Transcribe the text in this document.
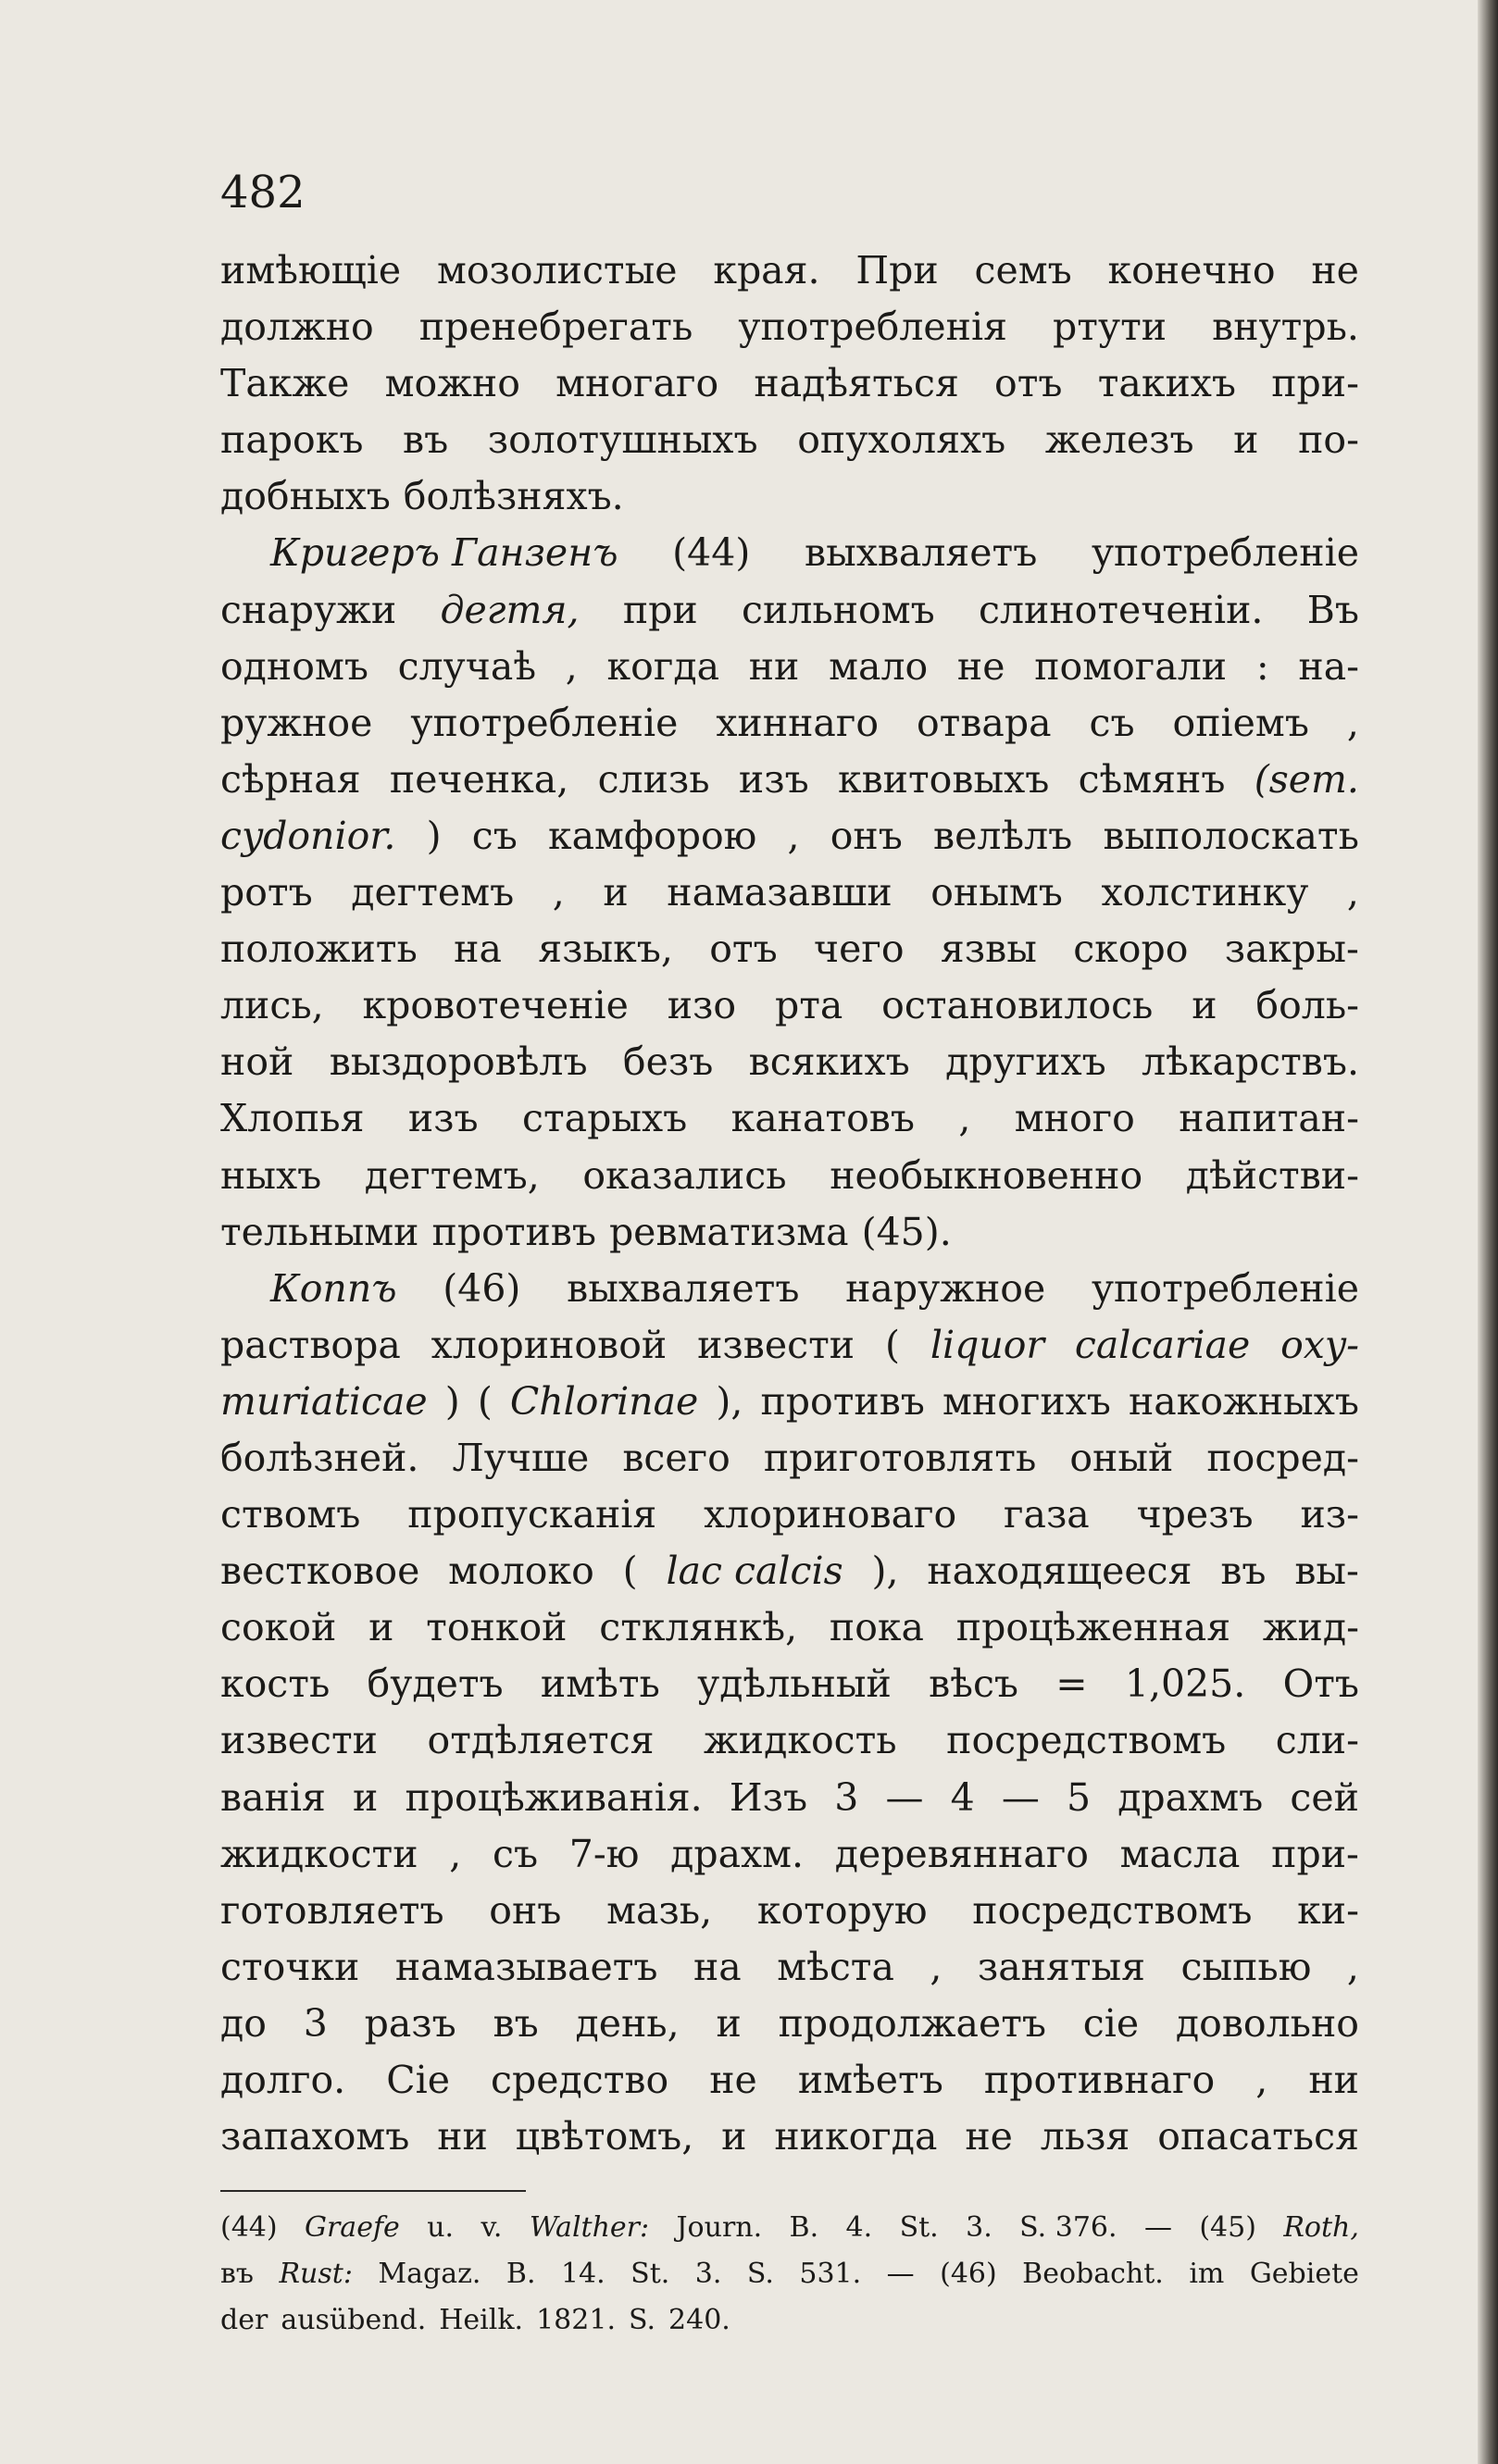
482
имѣющiе мозолистые края. При семъ конечно не
должно пренебрегать употребленiя ртути внутрь.
Также можно многаго надѣяться отъ такихъ при-
парокъ въ золотушныхъ опухоляхъ железъ и по-
добныхъ болѣзняхъ.
Кригеръ Ганзенъ (44) выхваляетъ употребленiе
снаружи дегтя, при сильномъ слинотеченiи. Въ
одномъ случаѣ , когда ни мало не помогали : на-
ружное употребленiе хиннаго отвара съ опiемъ ,
сѣрная печенка, слизь изъ квитовыхъ сѣмянъ (sem.
cydonior. ) съ камфорою , онъ велѣлъ выполоскать
ротъ дегтемъ , и намазавши онымъ холстинку ,
положить на языкъ, отъ чего язвы скоро закры-
лись, кровотеченiе изо рта остановилось и боль-
ной выздоровѣлъ безъ всякихъ другихъ лѣкарствъ.
Хлопья изъ старыхъ канатовъ , много напитан-
ныхъ дегтемъ, оказались необыкновенно дѣйстви-
тельными противъ ревматизма (45).
Коппъ (46) выхваляетъ наружное употребленiе
раствора хлориновой извести ( liquor calcariae oxy-
muriaticae ) ( Chlorinae ), противъ многихъ накожныхъ
болѣзней. Лучше всего приготовлять оный посред-
ствомъ пропусканiя хлориноваго газа чрезъ из-
вестковое молоко ( lac calcis ), находящееся въ вы-
сокой и тонкой стклянкѣ, пока процѣженная жид-
кость будетъ имѣть удѣльный вѣсъ = 1,025. Отъ
извести отдѣляется жидкость посредствомъ сли-
ванiя и процѣживанiя. Изъ 3 — 4 — 5 драхмъ сей
жидкости , съ 7-ю драхм. деревяннаго масла при-
готовляетъ онъ мазь, которую посредствомъ ки-
сточки намазываетъ на мѣста , занятыя сыпью ,
до 3 разъ въ день, и продолжаетъ сiе довольно
долго. Сiе средство не имѣетъ противнаго , ни
запахомъ ни цвѣтомъ, и никогда не льзя опасаться
(44) Graefe u. v. Walther: Journ. B. 4. St. 3. S. 376. — (45) Roth,
въ Rust: Magaz. B. 14. St. 3. S. 531. — (46) Beobacht. im Gebiete
der ausübend. Heilk. 1821. S. 240.
